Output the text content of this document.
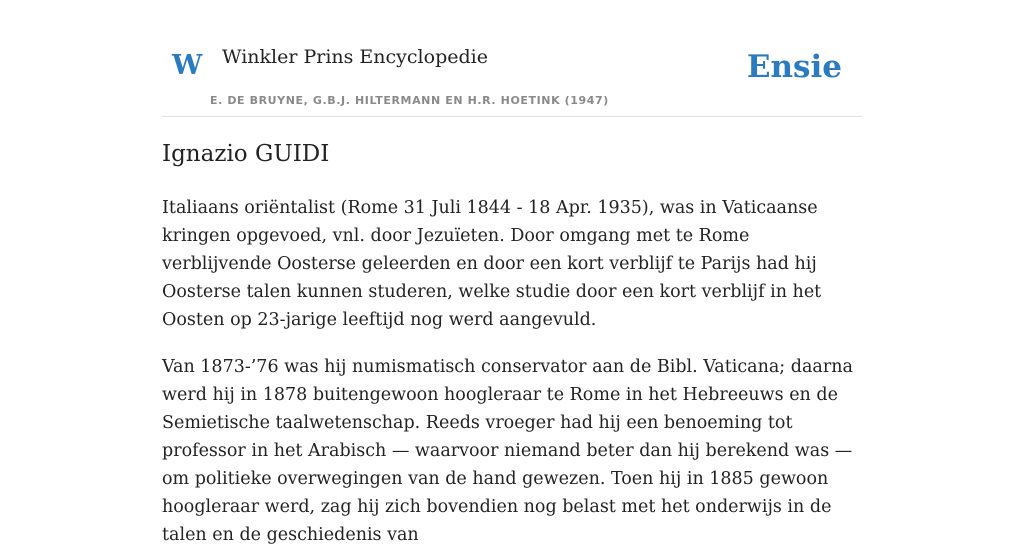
W Winkler Prins Encyclopedie
E. DE BRUYNE, G.B.J. HILTERMANN EN H.R. HOETINK (1947)
Ensie
Ignazio GUIDI

Italiaans oriëntalist (Rome 31 Juli 1844 - 18 Apr. 1935), was in Vaticaanse kringen opgevoed, vnl. door Jezuïeten. Door omgang met te Rome verblijvende Oosterse geleerden en door een kort verblijf te Parijs had hij Oosterse talen kunnen studeren, welke studie door een kort verblijf in het Oosten op 23-jarige leeftijd nog werd aangevuld.

Van 1873-’76 was hij numismatisch conservator aan de Bibl. Vaticana; daarna werd hij in 1878 buitengewoon hoogleraar te Rome in het Hebreeuws en de Semietische taalwetenschap. Reeds vroeger had hij een benoeming tot professor in het Arabisch — waarvoor niemand beter dan hij berekend was — om politieke overwegingen van de hand gewezen. Toen hij in 1885 gewoon hoogleraar werd, zag hij zich bovendien nog belast met het onderwijs in de talen en de geschiedenis van
